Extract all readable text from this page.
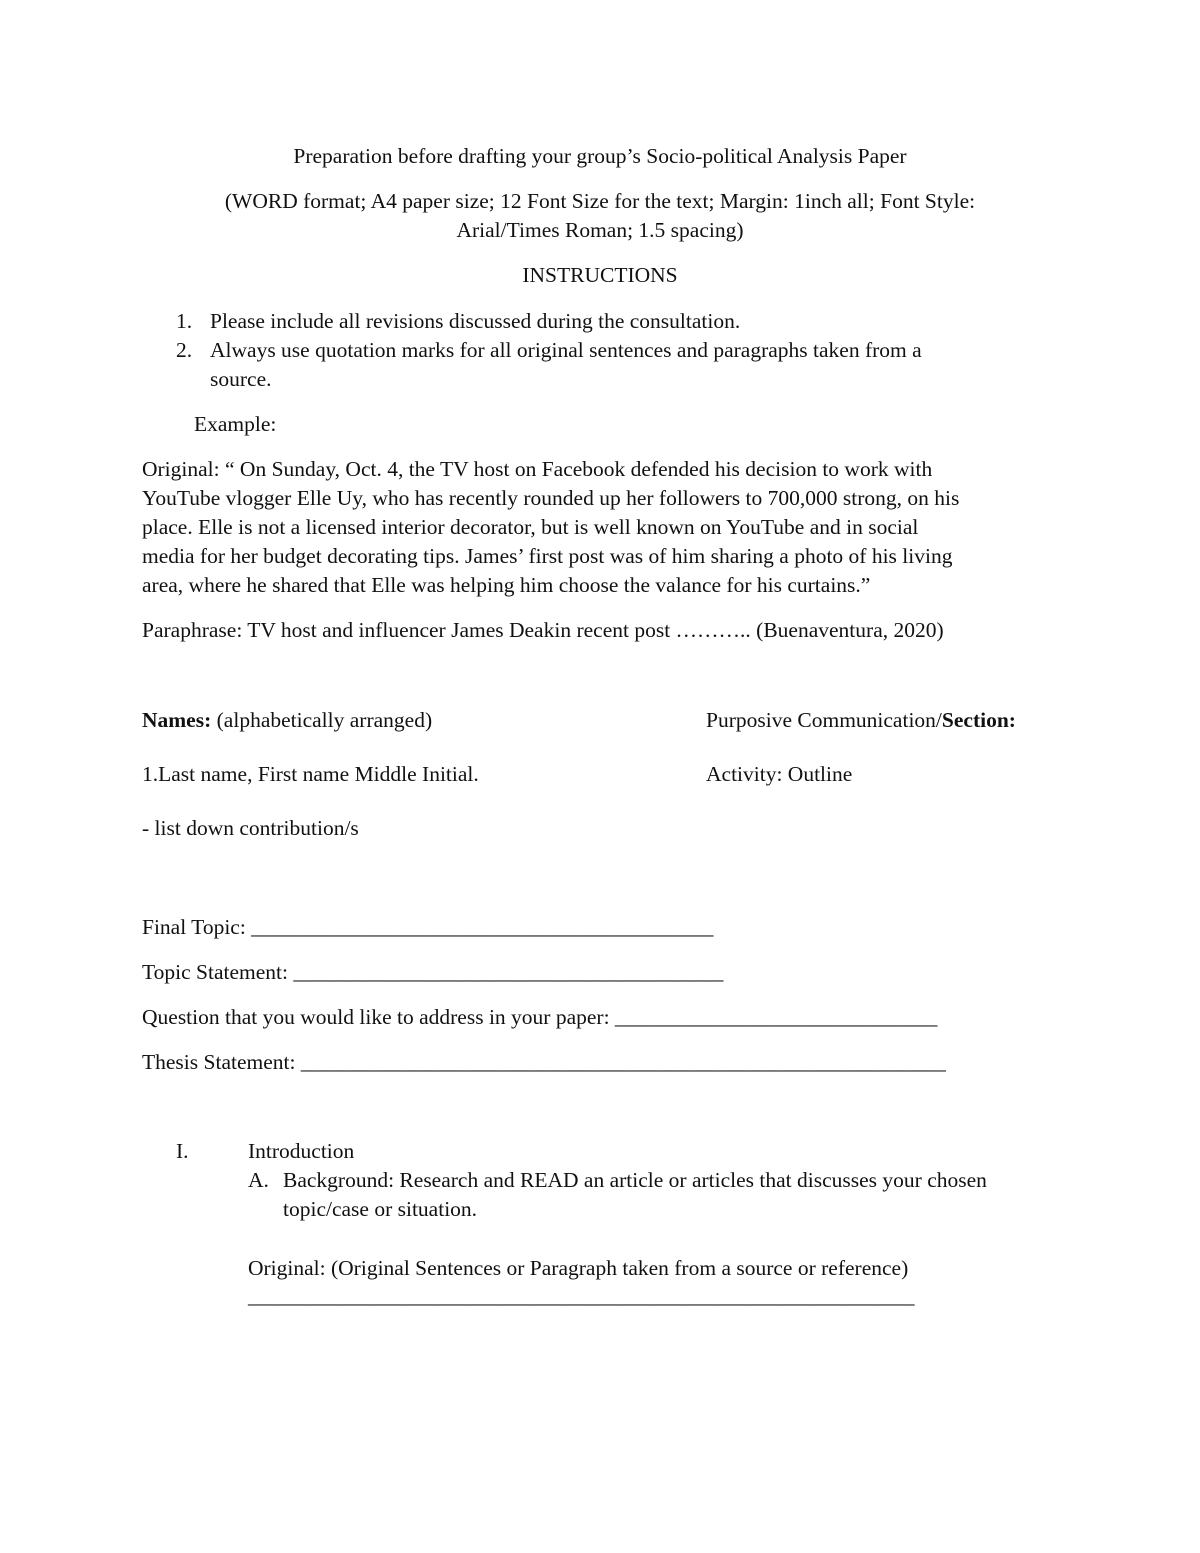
Preparation before drafting your group’s Socio-political Analysis Paper
(WORD format; A4 paper size; 12 Font Size for the text; Margin: 1inch all; Font Style:
Arial/Times Roman; 1.5 spacing)
INSTRUCTIONS
1. Please include all revisions discussed during the consultation.
2. Always use quotation marks for all original sentences and paragraphs taken from a
source.
Example:
Original: “ On Sunday, Oct. 4, the TV host on Facebook defended his decision to work with
YouTube vlogger Elle Uy, who has recently rounded up her followers to 700,000 strong, on his
place. Elle is not a licensed interior decorator, but is well known on YouTube and in social
media for her budget decorating tips. James’ first post was of him sharing a photo of his living
area, where he shared that Elle was helping him choose the valance for his curtains.”
Paraphrase: TV host and influencer James Deakin recent post ……….. (Buenaventura, 2020)
Names: (alphabetically arranged)	Purposive Communication/Section:
1.Last name, First name Middle Initial.	Activity: Outline
- list down contribution/s
Final Topic: ___________________________________________
Topic Statement: ________________________________________
Question that you would like to address in your paper: ______________________________
Thesis Statement: ____________________________________________________________
I.	Introduction
A. Background: Research and READ an article or articles that discusses your chosen
topic/case or situation.
Original: (Original Sentences or Paragraph taken from a source or reference)
______________________________________________________________
